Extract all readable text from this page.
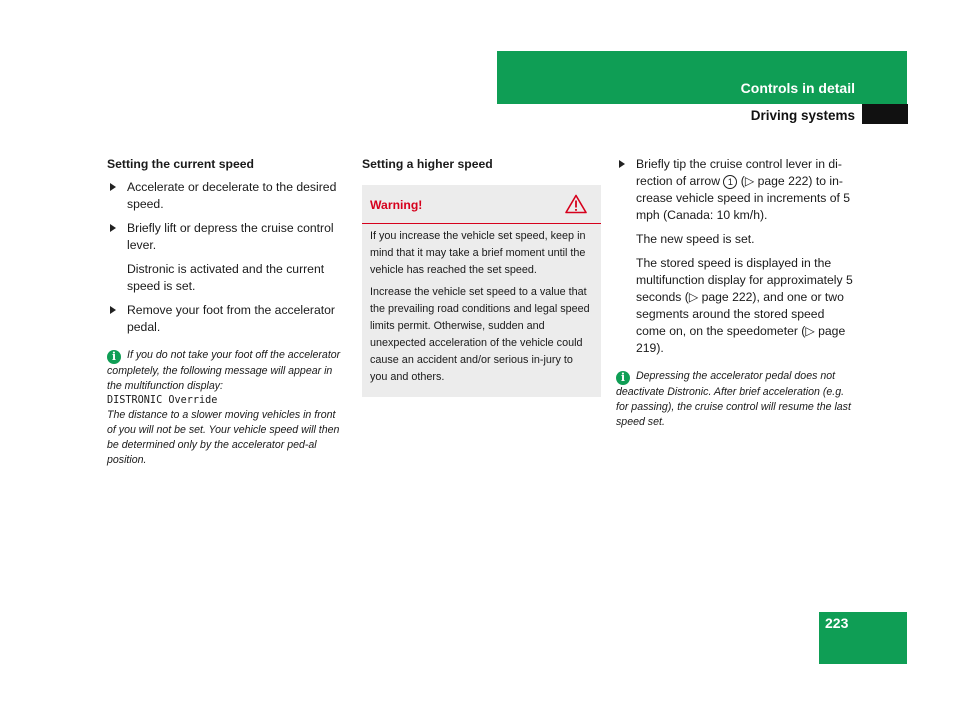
Controls in detail
Driving systems
Setting the current speed
Accelerate or decelerate to the desired speed.
Briefly lift or depress the cruise control lever.
Distronic is activated and the current speed is set.
Remove your foot from the accelerator pedal.
i If you do not take your foot off the accelerator completely, the following message will appear in the multifunction display:
DISTRONIC Override
The distance to a slower moving vehicles in front of you will not be set. Your vehicle speed will then be determined only by the accelerator ped-al position.
Setting a higher speed
Warning!

If you increase the vehicle set speed, keep in mind that it may take a brief moment until the vehicle has reached the set speed.

Increase the vehicle set speed to a value that the prevailing road conditions and legal speed limits permit. Otherwise, sudden and unexpected acceleration of the vehicle could cause an accident and/or serious in-jury to you and others.

Briefly tip the cruise control lever in di-rection of arrow 1 (▷ page 222) to in-crease vehicle speed in increments of 5 mph (Canada: 10 km/h).
The new speed is set.
The stored speed is displayed in the multifunction display for approximately 5 seconds (▷ page 222), and one or two segments around the stored speed come on, on the speedometer (▷ page 219).
i Depressing the accelerator pedal does not deactivate Distronic. After brief acceleration (e.g. for passing), the cruise control will resume the last speed set.
223
